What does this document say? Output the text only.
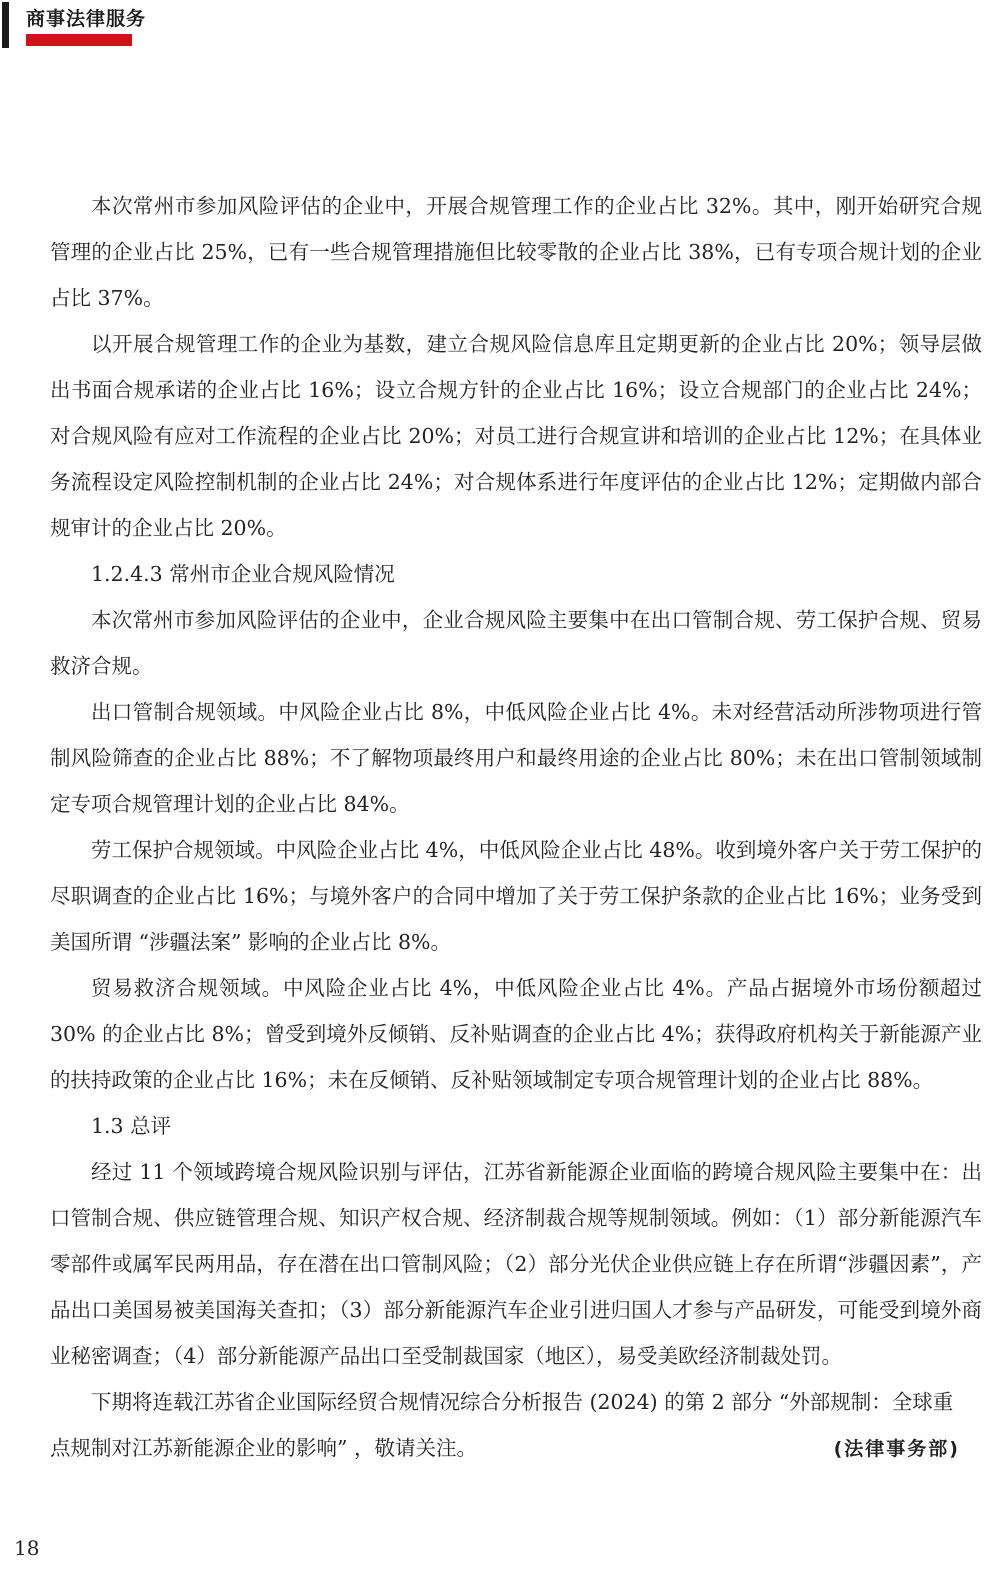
商事法律服务

本次常州市参加风险评估的企业中，开展合规管理工作的企业占比 32%。其中，刚开始研究合规管理的企业占比 25%，已有一些合规管理措施但比较零散的企业占比 38%，已有专项合规计划的企业占比 37%。

以开展合规管理工作的企业为基数，建立合规风险信息库且定期更新的企业占比 20%；领导层做出书面合规承诺的企业占比 16%；设立合规方针的企业占比 16%；设立合规部门的企业占比 24%；对合规风险有应对工作流程的企业占比 20%；对员工进行合规宣讲和培训的企业占比 12%；在具体业务流程设定风险控制机制的企业占比 24%；对合规体系进行年度评估的企业占比 12%；定期做内部合规审计的企业占比 20%。

1.2.4.3 常州市企业合规风险情况

本次常州市参加风险评估的企业中，企业合规风险主要集中在出口管制合规、劳工保护合规、贸易救济合规。

出口管制合规领域。中风险企业占比 8%，中低风险企业占比 4%。未对经营活动所涉物项进行管制风险筛查的企业占比 88%；不了解物项最终用户和最终用途的企业占比 80%；未在出口管制领域制定专项合规管理计划的企业占比 84%。

劳工保护合规领域。中风险企业占比 4%，中低风险企业占比 48%。收到境外客户关于劳工保护的尽职调查的企业占比 16%；与境外客户的合同中增加了关于劳工保护条款的企业占比 16%；业务受到美国所谓 “涉疆法案” 影响的企业占比 8%。

贸易救济合规领域。中风险企业占比 4%，中低风险企业占比 4%。产品占据境外市场份额超过 30% 的企业占比 8%；曾受到境外反倾销、反补贴调查的企业占比 4%；获得政府机构关于新能源产业的扶持政策的企业占比 16%；未在反倾销、反补贴领域制定专项合规管理计划的企业占比 88%。

1.3 总评

经过 11 个领域跨境合规风险识别与评估，江苏省新能源企业面临的跨境合规风险主要集中在：出口管制合规、供应链管理合规、知识产权合规、经济制裁合规等规制领域。例如：（1）部分新能源汽车零部件或属军民两用品，存在潜在出口管制风险；（2）部分光伏企业供应链上存在所谓“涉疆因素”，产品出口美国易被美国海关查扣；（3）部分新能源汽车企业引进归国人才参与产品研发，可能受到境外商业秘密调查；（4）部分新能源产品出口至受制裁国家（地区），易受美欧经济制裁处罚。

下期将连载江苏省企业国际经贸合规情况综合分析报告 (2024) 的第 2 部分 “外部规制：全球重

点规制对江苏新能源企业的影响” ，敬请关注。	(法律事务部)
18
